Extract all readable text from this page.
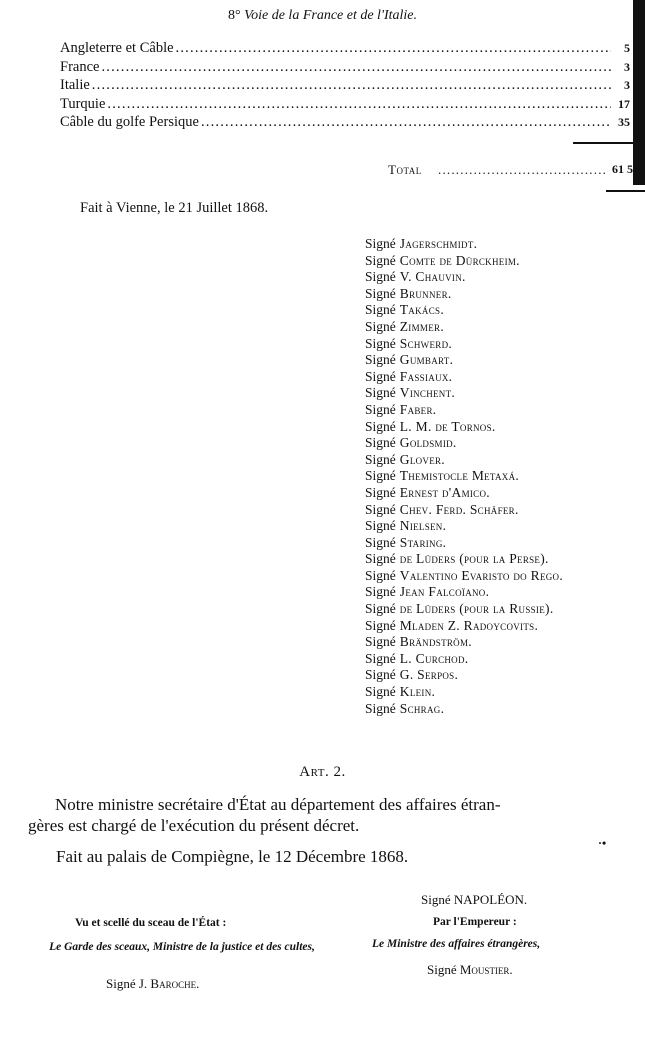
8° Voie de la France et de l'Italie.
Angleterre et Câble .....	5 oo
France .....	3 oo
Italie .....	3 oo
Turquie .....	17 5o
Câble du golfe Persique .....	35 oo
Total .....	61 5
Fait à Vienne, le 21 Juillet 1868.
Signé Jagerschmidt.
Signé Comte de Dürckheim.
Signé V. Chauvin.
Signé Brunner.
Signé Takács.
Signé Zimmer.
Signé Schwerd.
Signé Gumbart.
Signé Fassiaux.
Signé Vinchent.
Signé Faber.
Signé L. M. de Tornos.
Signé Goldsmid.
Signé Glover.
Signé Themistocle Metaxá.
Signé Ernest d'Amico.
Signé Chev. Ferd. Schäfer.
Signé Nielsen.
Signé Staring.
Signé de Lüders (pour la Perse).
Signé Valentino Evaristo do Rego.
Signé Jean Falcoïano.
Signé de Lüders (pour la Russie).
Signé Mladen Z. Radoycovits.
Signé Brändström.
Signé L. Curchod.
Signé G. Serpos.
Signé Klein.
Signé Schrag.
Art. 2.
Notre ministre secrétaire d'État au département des affaires étran-
gères est chargé de l'exécution du présent décret.
Fait au palais de Compiègne, le 12 Décembre 1868.
Signé NAPOLÉON.
Par l'Empereur :
Le Ministre des affaires étrangères,
Signé Moustier.
Vu et scellé du sceau de l'État :
Le Garde des sceaux, Ministre de la justice et des cultes,
Signé J. Baroche.
·•
